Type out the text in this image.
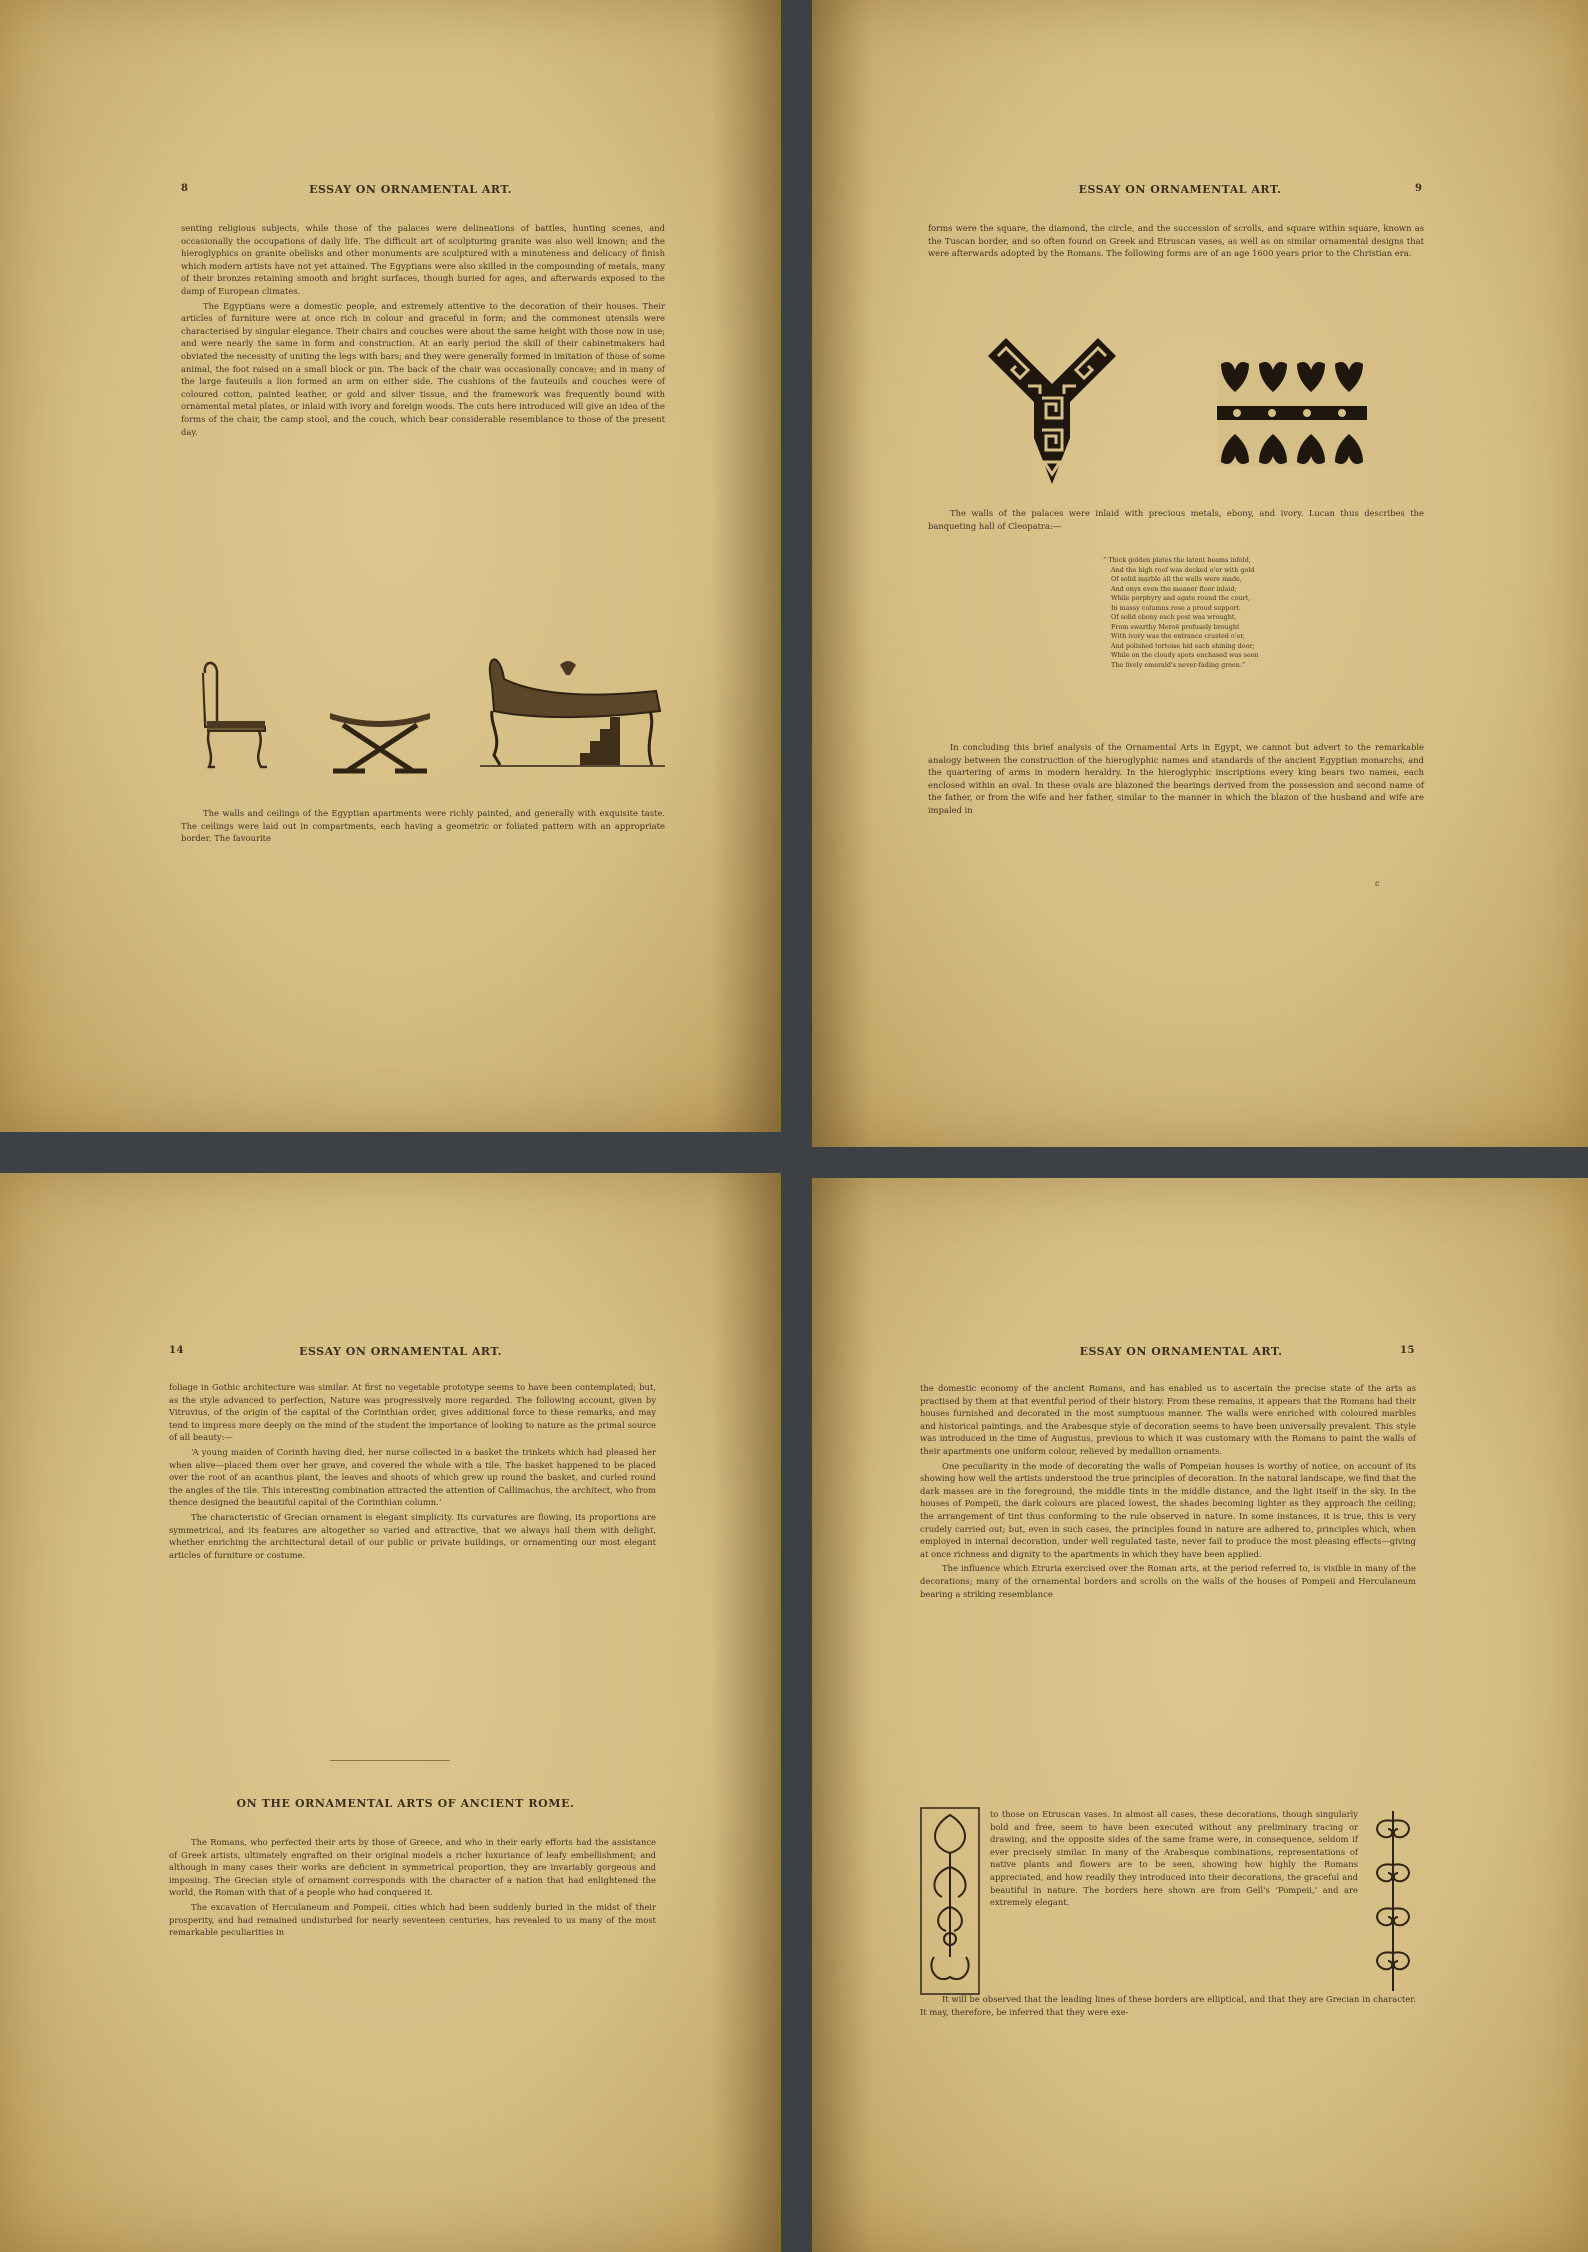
8	ESSAY ON ORNAMENTAL ART.

senting religious subjects, while those of the palaces were delineations of battles, hunting scenes, and occasionally the occupations of daily life. The difficult art of sculpturing granite was also well known; and the hieroglyphics on granite obelisks and other monuments are sculptured with a minuteness and delicacy of finish which modern artists have not yet attained. The Egyptians were also skilled in the compounding of metals, many of their bronzes retaining smooth and bright surfaces, though buried for ages, and afterwards exposed to the damp of European climates.

The Egyptians were a domestic people, and extremely attentive to the decoration of their houses. Their articles of furniture were at once rich in colour and graceful in form; and the commonest utensils were characterised by singular elegance. Their chairs and couches were about the same height with those now in use; and were nearly the same in form and construction. At an early period the skill of their cabinetmakers had obviated the necessity of uniting the legs with bars; and they were generally formed in imitation of those of some animal, the foot raised on a small block or pin. The back of the chair was occasionally concave; and in many of the large fauteuils a lion formed an arm on either side. The cushions of the fauteuils and couches were of coloured cotton, painted leather, or gold and silver tissue, and the framework was frequently bound with ornamental metal plates, or inlaid with ivory and foreign woods. The cuts here introduced will give an idea of the forms of the chair, the camp stool, and the couch, which bear considerable resemblance to those of the present day.

The walls and ceilings of the Egyptian apartments were richly painted, and generally with exquisite taste. The ceilings were laid out in compartments, each having a geometric or foliated pattern with an appropriate border. The favourite

ESSAY ON ORNAMENTAL ART.	9

forms were the square, the diamond, the circle, and the succession of scrolls, and square within square, known as the Tuscan border, and so often found on Greek and Etruscan vases, as well as on similar ornamental designs that were afterwards adopted by the Romans. The following forms are of an age 1600 years prior to the Christian era.

The walls of the palaces were inlaid with precious metals, ebony, and ivory. Lucan thus describes the banqueting hall of Cleopatra:—

“ Thick golden plates the latent beams infold,
And the high roof was decked o'er with gold
Of solid marble all the walls were made,
And onyx even the meaner floor inlaid;
While porphyry and agate round the court,
In massy columns rose a proud support.
Of solid ebony each post was wrought,
From swarthy Meroë profusely brought
With ivory was the entrance crusted o'er,
And polished tortoise hid each shining door;
While on the cloudy spots enchased was seen
The lively emerald's never-fading green.”

In concluding this brief analysis of the Ornamental Arts in Egypt, we cannot but advert to the remarkable analogy between the construction of the hieroglyphic names and standards of the ancient Egyptian monarchs, and the quartering of arms in modern heraldry. In the hieroglyphic inscriptions every king bears two names, each enclosed within an oval. In these ovals are blazoned the bearings derived from the possession and second name of the father, or from the wife and her father, similar to the manner in which the blazon of the husband and wife are impaled in

c
14	ESSAY ON ORNAMENTAL ART.

foliage in Gothic architecture was similar. At first no vegetable prototype seems to have been contemplated; but, as the style advanced to perfection, Nature was progressively more regarded. The following account, given by Vitruvius, of the origin of the capital of the Corinthian order, gives additional force to these remarks, and may tend to impress more deeply on the mind of the student the importance of looking to nature as the primal source of all beauty:—

‘A young maiden of Corinth having died, her nurse collected in a basket the trinkets which had pleased her when alive—placed them over her grave, and covered the whole with a tile. The basket happened to be placed over the root of an acanthus plant, the leaves and shoots of which grew up round the basket, and curled round the angles of the tile. This interesting combination attracted the attention of Callimachus, the architect, who from thence designed the beautiful capital of the Corinthian column.’

The characteristic of Grecian ornament is elegant simplicity. Its curvatures are flowing, its proportions are symmetrical, and its features are altogether so varied and attractive, that we always hail them with delight, whether enriching the architectural detail of our public or private buildings, or ornamenting our most elegant articles of furniture or costume.

ON THE ORNAMENTAL ARTS OF ANCIENT ROME.

The Romans, who perfected their arts by those of Greece, and who in their early efforts had the assistance of Greek artists, ultimately engrafted on their original models a richer luxuriance of leafy embellishment; and although in many cases their works are deficient in symmetrical proportion, they are invariably gorgeous and imposing. The Grecian style of ornament corresponds with the character of a nation that had enlightened the world, the Roman with that of a people who had conquered it.

The excavation of Herculaneum and Pompeii, cities which had been suddenly buried in the midst of their prosperity, and had remained undisturbed for nearly seventeen centuries, has revealed to us many of the most remarkable peculiarities in

ESSAY ON ORNAMENTAL ART.	15

the domestic economy of the ancient Romans, and has enabled us to ascertain the precise state of the arts as practised by them at that eventful period of their history. From these remains, it appears that the Romans had their houses furnished and decorated in the most sumptuous manner. The walls were enriched with coloured marbles and historical paintings, and the Arabesque style of decoration seems to have been universally prevalent. This style was introduced in the time of Augustus, previous to which it was customary with the Romans to paint the walls of their apartments one uniform colour, relieved by medallion ornaments.

One peculiarity in the mode of decorating the walls of Pompeian houses is worthy of notice, on account of its showing how well the artists understood the true principles of decoration. In the natural landscape, we find that the dark masses are in the foreground, the middle tints in the middle distance, and the light itself in the sky. In the houses of Pompeii, the dark colours are placed lowest, the shades becoming lighter as they approach the ceiling; the arrangement of tint thus conforming to the rule observed in nature. In some instances, it is true, this is very crudely carried out; but, even in such cases, the principles found in nature are adhered to, principles which, when employed in internal decoration, under well regulated taste, never fail to produce the most pleasing effects—giving at once richness and dignity to the apartments in which they have been applied.

The influence which Etruria exercised over the Roman arts, at the period referred to, is visible in many of the decorations; many of the ornamental borders and scrolls on the walls of the houses of Pompeii and Herculaneum bearing a striking resemblance

to those on Etruscan vases. In almost all cases, these decorations, though singularly bold and free, seem to have been executed without any preliminary tracing or drawing, and the opposite sides of the same frame were, in consequence, seldom if ever precisely similar. In many of the Arabesque combinations, representations of native plants and flowers are to be seen, showing how highly the Romans appreciated, and how readily they introduced into their decorations, the graceful and beautiful in nature. The borders here shown are from Gell's ‘Pompeii,’ and are extremely elegant.

It will be observed that the leading lines of these borders are elliptical, and that they are Grecian in character. It may, therefore, be inferred that they were exe-
